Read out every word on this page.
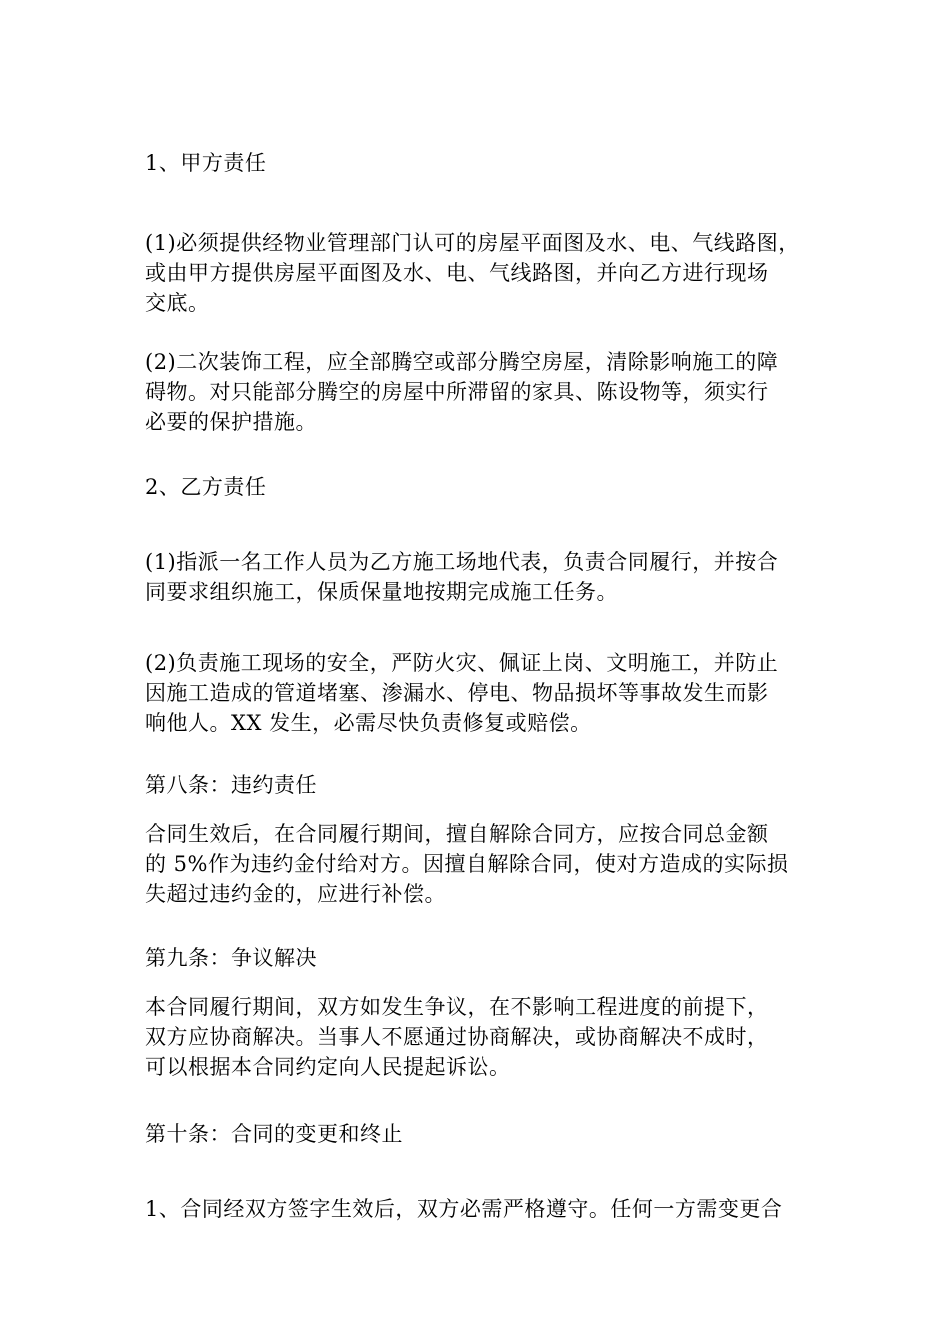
1、甲方责任

(1)必须提供经物业管理部门认可的房屋平面图及水、电、气线路图，
或由甲方提供房屋平面图及水、电、气线路图，并向乙方进行现场
交底。

(2)二次装饰工程，应全部腾空或部分腾空房屋，清除影响施工的障
碍物。对只能部分腾空的房屋中所滞留的家具、陈设物等，须实行
必要的保护措施。

2、乙方责任

(1)指派一名工作人员为乙方施工场地代表，负责合同履行，并按合
同要求组织施工，保质保量地按期完成施工任务。

(2)负责施工现场的安全，严防火灾、佩证上岗、文明施工，并防止
因施工造成的管道堵塞、渗漏水、停电、物品损坏等事故发生而影
响他人。XX 发生，必需尽快负责修复或赔偿。

第八条：违约责任

合同生效后，在合同履行期间，擅自解除合同方，应按合同总金额
的 5%作为违约金付给对方。因擅自解除合同，使对方造成的实际损
失超过违约金的，应进行补偿。

第九条：争议解决

本合同履行期间，双方如发生争议，在不影响工程进度的前提下，
双方应协商解决。当事人不愿通过协商解决，或协商解决不成时，
可以根据本合同约定向人民提起诉讼。

第十条：合同的变更和终止

1、合同经双方签字生效后，双方必需严格遵守。任何一方需变更合
